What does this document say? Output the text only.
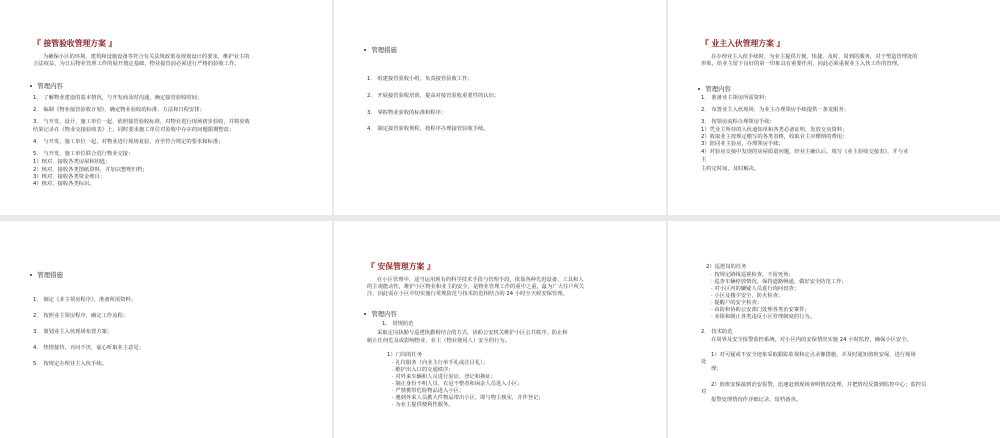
『 接管验收管理方案 』
为确保小区的环境、建筑和设施设备等符合有关法规政策及规划设计的要求，维护业主的
合法权益，为日后物业管理工作的展开奠定基础，物业接管前必须进行严格的验收工作。
管理内容
1． 了解物业建设的基本情况，与开发商及时沟通，确定接管验收时间；
2． 编制《物业接管验收计划》，确定物业验收的标准、方法和日程安排；
3． 与开发、设计、施工单位一起，依照接管验收标准，对物业进行现场初步验收，并将验收
结果记录在《物业交接验收表》上，同时要求施工单位对验收中存在的问题限期整改；
4． 与开发、施工单位一起，对物业进行现场复验，直至符合规定的要求和标准；
5． 与开发、施工单位联合进行物业交接：
1）核对、接收各类房屋和钥匙；
2）核对、接收各类图纸资料，并加以整理归档；
3）核对、接收各类资金账目；
4）核对、接收各类标识。
管理措施
1． 组建接管验收小组，负责接管验收工作；
2． 开展接管验收培训，提高对接管验收重要性的认识；
3． 掌握物业验收的标准和程序；
4． 制定接管验收规程，按程序办理接管验收手续。
『 业主入伙管理方案 』
在办理业主入伙手续时，为业主提供方便、快捷、及时、周到的服务，对于塑造管理处的
形象，给业主留下良好的第一印象具有重要作用，因此必须重视业主入伙工作的管理。
管理内容
1． 准备业主领房所需资料；
2． 布置业主入伙现场，为业主办理领房手续提供一条龙服务；
3． 按领房流程办理领房手续：
1）凭业主所持的入伙通知单和各类必备证明，发放交房资料；
2）收取业主按规定缴写的各类表格，收取业主应缴纳的费用；
3）陪同业主验房，办理领房手续；
4）对验房交接中发现的房屋质量问题，经业主确认后，填写《业主验收交接表》，并与业
主
主约定时间，及时解决。
管理措施
1． 制定《业主领房程序》，准备所需资料；
2． 按照业主领房程序，确定工作流程；
3． 策划业主入伙现场布置方案；
4． 热情接待，百问不厌，虚心听取业主意见；
5． 按规定办理业主入伙手续。
『 安保管理方案 』
在小区管理中，适当运用现有的科学技术手段与管理手段，依靠各种先进设备、工具和人
的主观能动性，维护小区物业和业主的安全，是物业管理工作的重中之重，最为广大住户所关
注，因此需在小区中切实施行常规防范与技术防范相结合的 24 小时全天候安保管理。
管理内容
1． 常规防范
采取定岗执勤与巡逻执勤相结合的方式，协助公安机关维护小区公共秩序，防止和
制止任何危及或影响物业、业主（物业使用人）安全的行为。
1）门岗的任务
· 礼仪服务（向业主行举手礼或注目礼）；
· 维护出入口的交通秩序；
· 对外来车辆和人员进行验证、登记和换证；
· 制止身份不明人员、衣冠不整者和闲杂人员进入小区；
· 严禁携带危险物品进入小区；
· 遇到外来人员携大件物品带出小区，即与物主核实，并作登记；
· 为业主提供便利性服务。
2）巡逻岗的任务
· 按规定路线巡视检查，不留死角；
· 巡查车辆停放情况，保持道路畅通，做好安全防范工作；
· 对小区内的嫌疑人员进行询问盘查；
· 小区及楼宇安全、防火检查；
· 提醒户的安全检查；
· 由防和协助公安部门处理各类治安案件；
· 劝阻和制止各类违反小区管理制度的行为。
2． 技术防范
在周界及安全报警监控系统，对小区内的安保情况实施 24 小时监控，确保小区安全。
1）对可疑或不安全迹象采取跟踪监视和定点录像措施，并及时通知值班安保，进行现场
处
理；
2）值班安保接到治安报警，迅速赶到现场查明情况处理，并把情况反馈到监控中心；监控员
对
报警处理情况作详细记录，留档备查。
